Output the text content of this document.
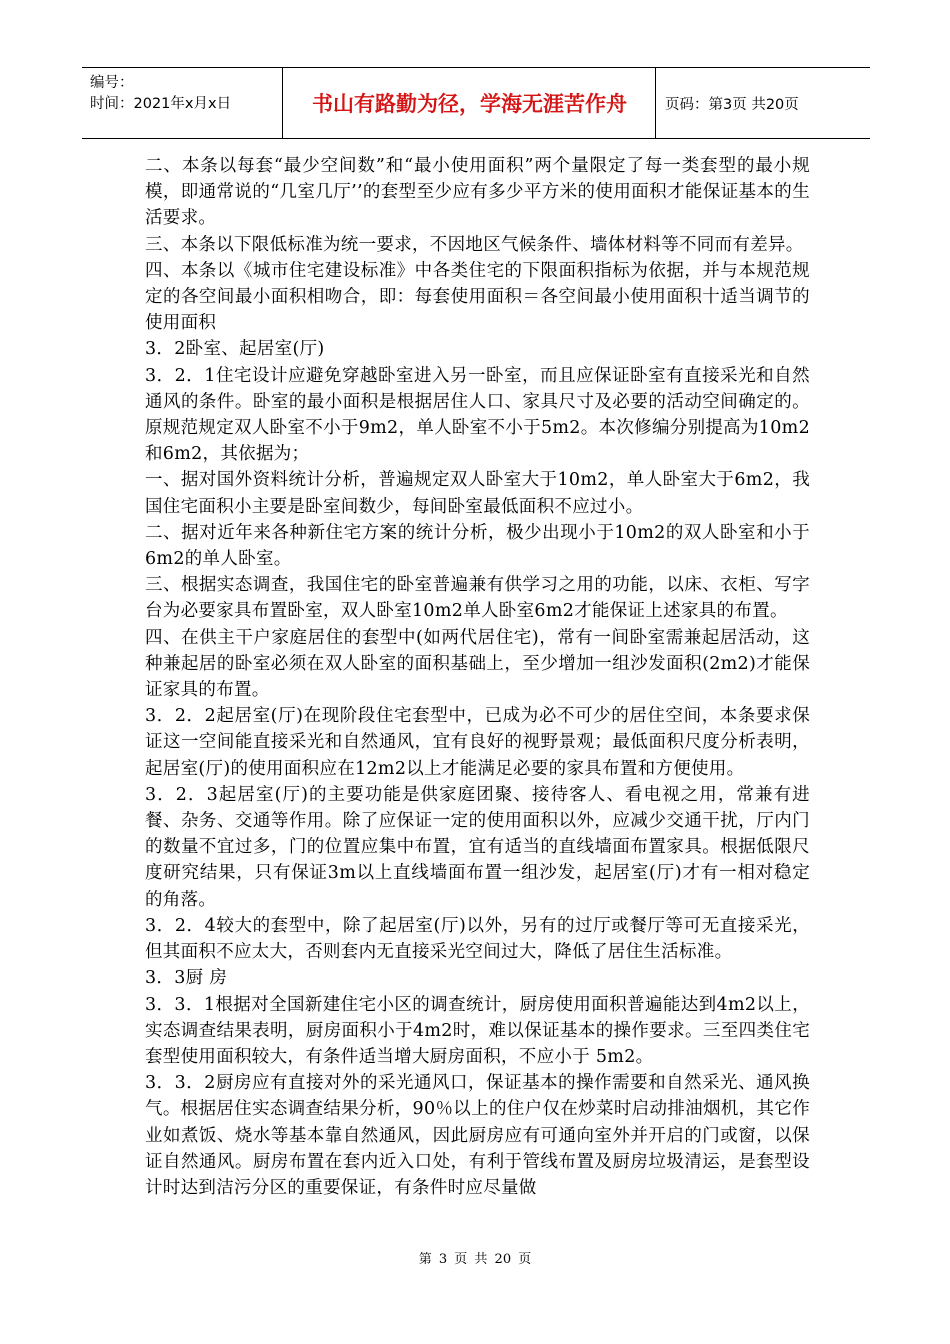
编号：
时间：2021年x月x日	书山有路勤为径，学海无涯苦作舟	页码：第3页 共20页

二、本条以每套“最少空间数”和“最小使用面积”两个量限定了每一类套型的最小规模，即通常说的“几室几厅’’的套型至少应有多少平方米的使用面积才能保证基本的生活要求。

三、本条以下限低标准为统一要求，不因地区气候条件、墙体材料等不同而有差异。

四、本条以《城市住宅建设标准》中各类住宅的下限面积指标为依据，并与本规范规定的各空间最小面积相吻合，即：每套使用面积＝各空间最小使用面积十适当调节的使用面积

3．2卧室、起居室(厅)

3．2．1住宅设计应避免穿越卧室进入另一卧室，而且应保证卧室有直接采光和自然通风的条件。卧室的最小面积是根据居住人口、家具尺寸及必要的活动空间确定的。原规范规定双人卧室不小于9m2，单人卧室不小于5m2。本次修编分别提高为10m2和6m2，其依据为；

一、据对国外资料统计分析，普遍规定双人卧室大于10m2，单人卧室大于6m2，我国住宅面积小主要是卧室间数少，每间卧室最低面积不应过小。

二、据对近年来各种新住宅方案的统计分析，极少出现小于10m2的双人卧室和小于6m2的单人卧室。

三、根据实态调查，我国住宅的卧室普遍兼有供学习之用的功能，以床、衣柜、写字台为必要家具布置卧室，双人卧室10m2单人卧室6m2才能保证上述家具的布置。

四、在供主干户家庭居住的套型中(如两代居住宅)，常有一间卧室需兼起居活动，这种兼起居的卧室必须在双人卧室的面积基础上，至少增加一组沙发面积(2m2)才能保证家具的布置。

3．2．2起居室(厅)在现阶段住宅套型中，已成为必不可少的居住空间，本条要求保证这一空间能直接采光和自然通风，宜有良好的视野景观；最低面积尺度分析表明，起居室(厅)的使用面积应在12m2以上才能满足必要的家具布置和方便使用。

3．2．3起居室(厅)的主要功能是供家庭团聚、接待客人、看电视之用，常兼有进餐、杂务、交通等作用。除了应保证一定的使用面积以外，应减少交通干扰，厅内门的数量不宜过多，门的位置应集中布置，宜有适当的直线墙面布置家具。根据低限尺度研究结果，只有保证3m以上直线墙面布置一组沙发，起居室(厅)才有一相对稳定的角落。

3．2．4较大的套型中，除了起居室(厅)以外，另有的过厅或餐厅等可无直接采光，但其面积不应太大，否则套内无直接采光空间过大，降低了居住生活标准。

3．3厨 房

3．3．1根据对全国新建住宅小区的调查统计，厨房使用面积普遍能达到4m2以上，实态调查结果表明，厨房面积小于4m2时，难以保证基本的操作要求。三至四类住宅套型使用面积较大，有条件适当增大厨房面积，不应小于 5m2。

3．3．2厨房应有直接对外的采光通风口，保证基本的操作需要和自然采光、通风换气。根据居住实态调查结果分析，90％以上的住户仅在炒菜时启动排油烟机，其它作业如煮饭、烧水等基本靠自然通风，因此厨房应有可通向室外并开启的门或窗，以保证自然通风。厨房布置在套内近入口处，有利于管线布置及厨房垃圾清运，是套型设计时达到洁污分区的重要保证，有条件时应尽量做

第 3 页 共 20 页
